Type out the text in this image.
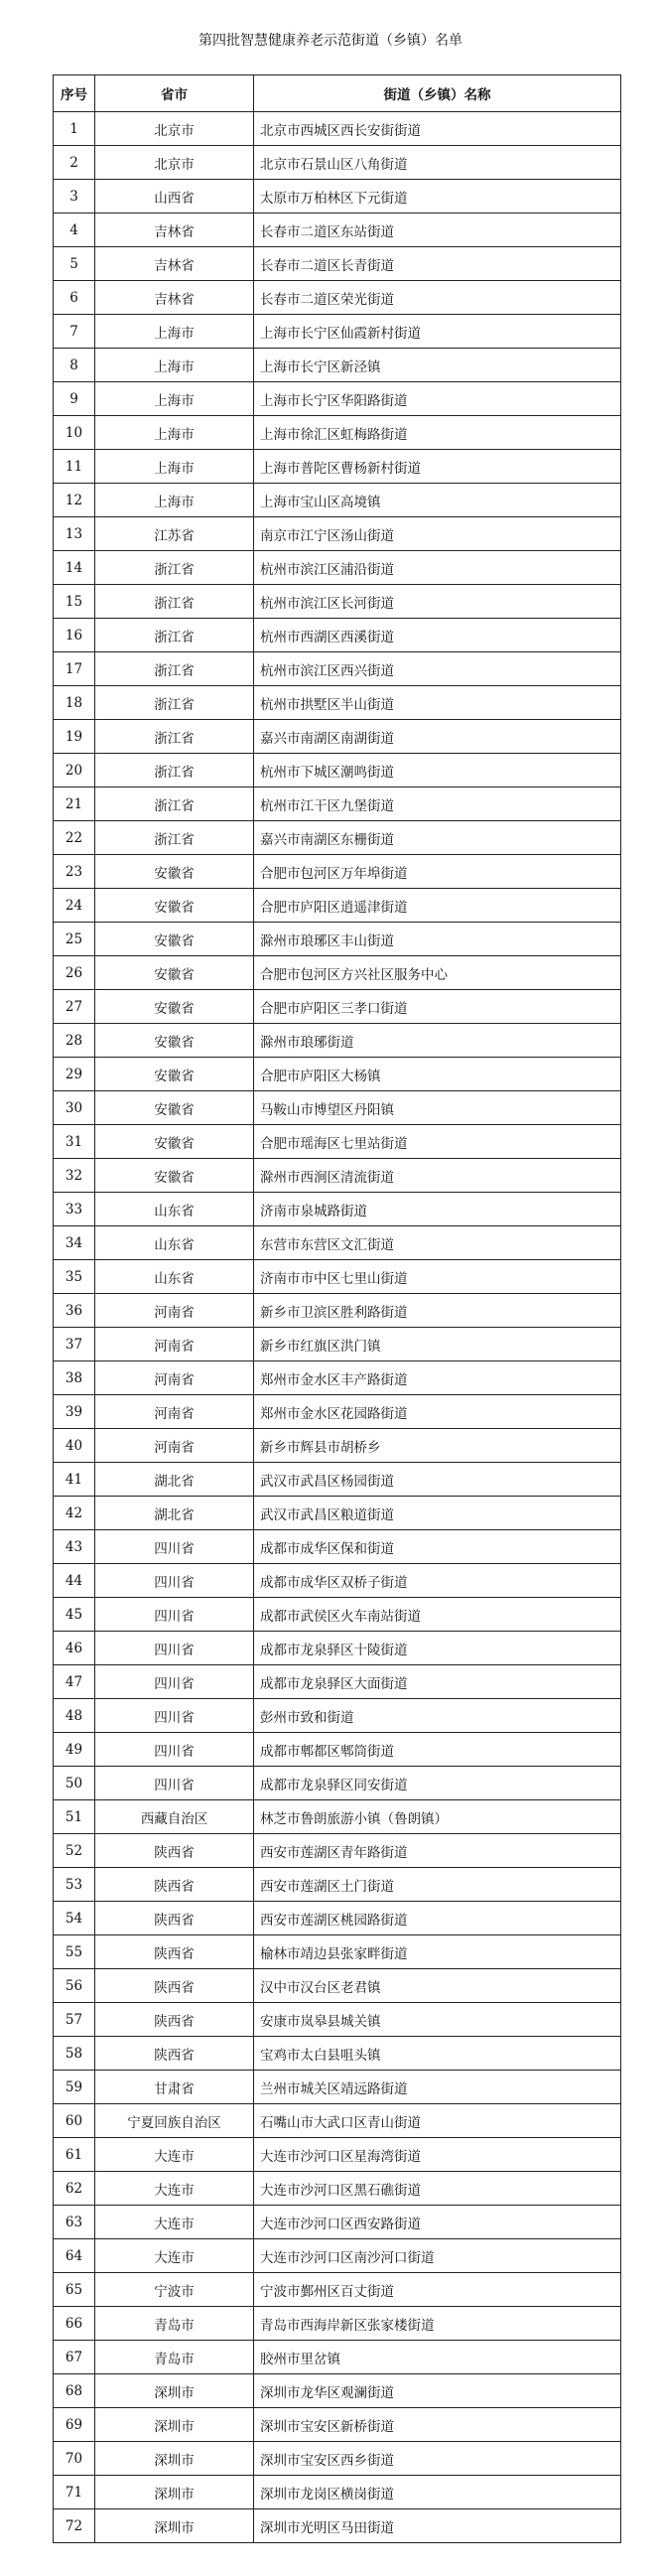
第四批智慧健康养老示范街道（乡镇）名单
序号	省市	街道（乡镇）名称
1	北京市	北京市西城区西长安街街道
2	北京市	北京市石景山区八角街道
3	山西省	太原市万柏林区下元街道
4	吉林省	长春市二道区东站街道
5	吉林省	长春市二道区长青街道
6	吉林省	长春市二道区荣光街道
7	上海市	上海市长宁区仙霞新村街道
8	上海市	上海市长宁区新泾镇
9	上海市	上海市长宁区华阳路街道
10	上海市	上海市徐汇区虹梅路街道
11	上海市	上海市普陀区曹杨新村街道
12	上海市	上海市宝山区高境镇
13	江苏省	南京市江宁区汤山街道
14	浙江省	杭州市滨江区浦沿街道
15	浙江省	杭州市滨江区长河街道
16	浙江省	杭州市西湖区西溪街道
17	浙江省	杭州市滨江区西兴街道
18	浙江省	杭州市拱墅区半山街道
19	浙江省	嘉兴市南湖区南湖街道
20	浙江省	杭州市下城区潮鸣街道
21	浙江省	杭州市江干区九堡街道
22	浙江省	嘉兴市南湖区东栅街道
23	安徽省	合肥市包河区万年埠街道
24	安徽省	合肥市庐阳区逍遥津街道
25	安徽省	滁州市琅琊区丰山街道
26	安徽省	合肥市包河区方兴社区服务中心
27	安徽省	合肥市庐阳区三孝口街道
28	安徽省	滁州市琅琊街道
29	安徽省	合肥市庐阳区大杨镇
30	安徽省	马鞍山市博望区丹阳镇
31	安徽省	合肥市瑶海区七里站街道
32	安徽省	滁州市西涧区清流街道
33	山东省	济南市泉城路街道
34	山东省	东营市东营区文汇街道
35	山东省	济南市市中区七里山街道
36	河南省	新乡市卫滨区胜利路街道
37	河南省	新乡市红旗区洪门镇
38	河南省	郑州市金水区丰产路街道
39	河南省	郑州市金水区花园路街道
40	河南省	新乡市辉县市胡桥乡
41	湖北省	武汉市武昌区杨园街道
42	湖北省	武汉市武昌区粮道街道
43	四川省	成都市成华区保和街道
44	四川省	成都市成华区双桥子街道
45	四川省	成都市武侯区火车南站街道
46	四川省	成都市龙泉驿区十陵街道
47	四川省	成都市龙泉驿区大面街道
48	四川省	彭州市致和街道
49	四川省	成都市郫都区郫筒街道
50	四川省	成都市龙泉驿区同安街道
51	西藏自治区	林芝市鲁朗旅游小镇（鲁朗镇）
52	陕西省	西安市莲湖区青年路街道
53	陕西省	西安市莲湖区土门街道
54	陕西省	西安市莲湖区桃园路街道
55	陕西省	榆林市靖边县张家畔街道
56	陕西省	汉中市汉台区老君镇
57	陕西省	安康市岚皋县城关镇
58	陕西省	宝鸡市太白县咀头镇
59	甘肃省	兰州市城关区靖远路街道
60	宁夏回族自治区	石嘴山市大武口区青山街道
61	大连市	大连市沙河口区星海湾街道
62	大连市	大连市沙河口区黑石礁街道
63	大连市	大连市沙河口区西安路街道
64	大连市	大连市沙河口区南沙河口街道
65	宁波市	宁波市鄞州区百丈街道
66	青岛市	青岛市西海岸新区张家楼街道
67	青岛市	胶州市里岔镇
68	深圳市	深圳市龙华区观澜街道
69	深圳市	深圳市宝安区新桥街道
70	深圳市	深圳市宝安区西乡街道
71	深圳市	深圳市龙岗区横岗街道
72	深圳市	深圳市光明区马田街道
